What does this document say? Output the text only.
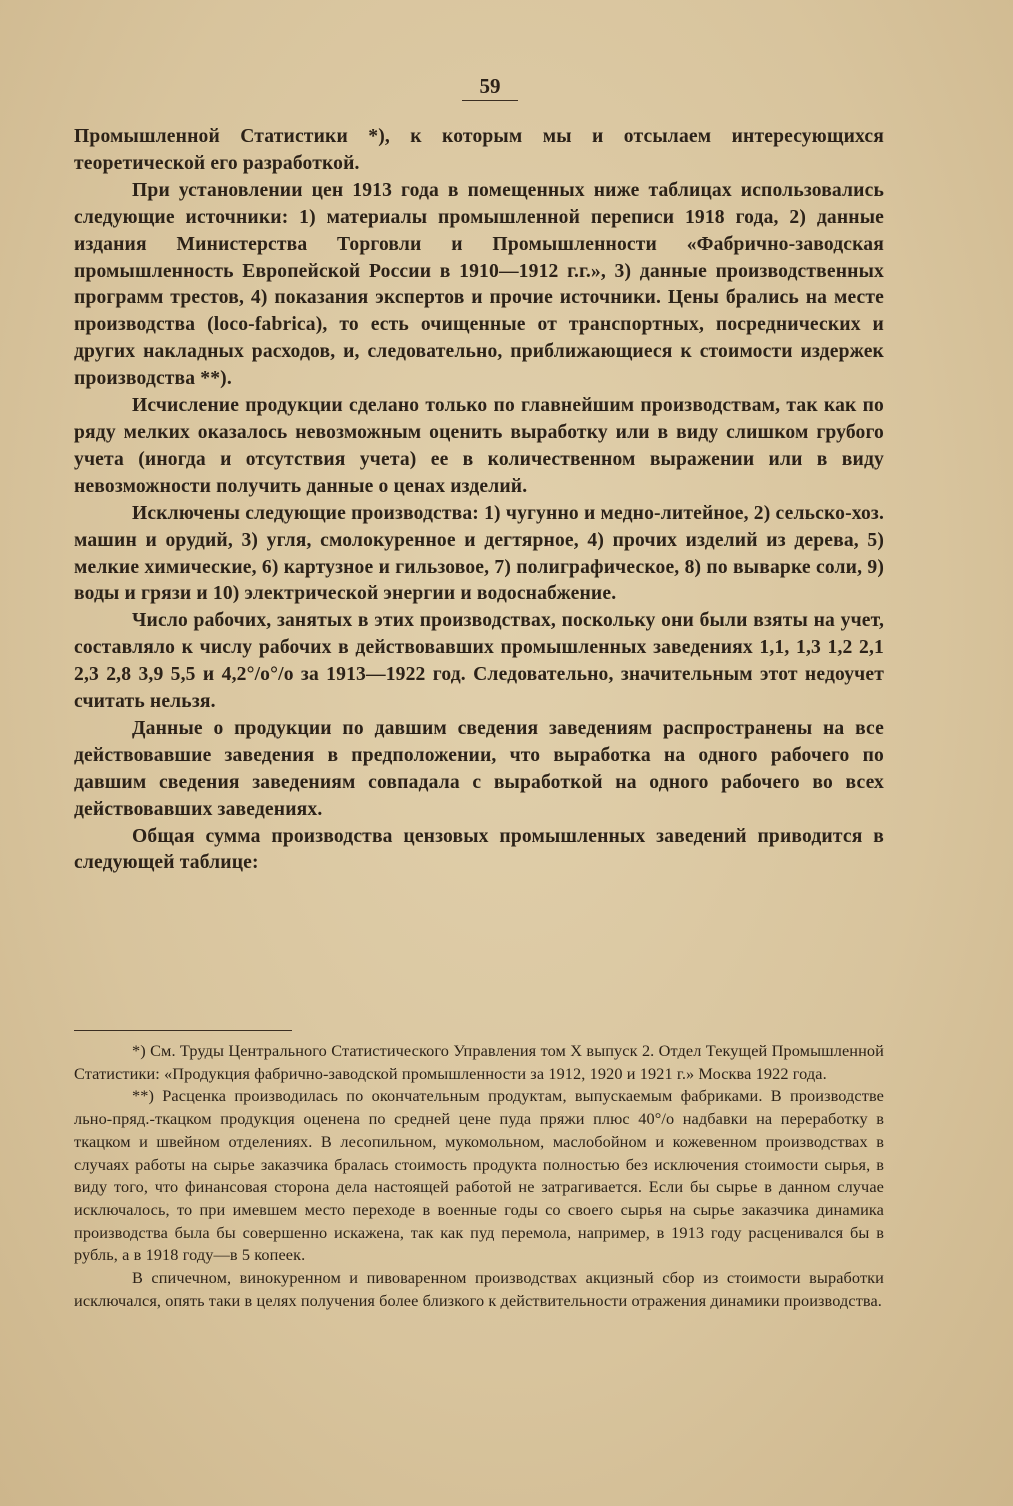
59

Промышленной Статистики *), к которым мы и отсылаем интересующихся теоретической его разработкой.

При установлении цен 1913 года в помещенных ниже таблицах использовались следующие источники: 1) материалы промышленной переписи 1918 года, 2) данные издания Министерства Торговли и Промышленности «Фабрично-заводская промышленность Европейской России в 1910—1912 г.г.», 3) данные производственных программ трестов, 4) показания экспертов и прочие источники. Цены брались на месте производства (loco-fabrica), то есть очищенные от транспортных, посреднических и других накладных расходов, и, следовательно, приближающиеся к стоимости издержек производства **).

Исчисление продукции сделано только по главнейшим производствам, так как по ряду мелких оказалось невозможным оценить выработку или в виду слишком грубого учета (иногда и отсутствия учета) ее в количественном выражении или в виду невозможности получить данные о ценах изделий.

Исключены следующие производства: 1) чугунно и медно-литейное, 2) сельско-хоз. машин и орудий, 3) угля, смолокуренное и дегтярное, 4) прочих изделий из дерева, 5) мелкие химические, 6) картузное и гильзовое, 7) полиграфическое, 8) по выварке соли, 9) воды и грязи и 10) электрической энергии и водоснабжение.

Число рабочих, занятых в этих производствах, поскольку они были взяты на учет, составляло к числу рабочих в действовавших промышленных заведениях 1,1, 1,3 1,2 2,1 2,3 2,8 3,9 5,5 и 4,2°/о°/о за 1913—1922 год. Следовательно, значительным этот недоучет считать нельзя.

Данные о продукции по давшим сведения заведениям распространены на все действовавшие заведения в предположении, что выработка на одного рабочего по давшим сведения заведениям совпадала с выработкой на одного рабочего во всех действовавших заведениях.

Общая сумма производства цензовых промышленных заведений приводится в следующей таблице:

*) См. Труды Центрального Статистического Управления том X выпуск 2. Отдел Текущей Промышленной Статистики: «Продукция фабрично-заводской промышленности за 1912, 1920 и 1921 г.» Москва 1922 года.

**) Расценка производилась по окончательным продуктам, выпускаемым фабриками. В производстве льно-пряд.-ткацком продукция оценена по средней цене пуда пряжи плюс 40°/о надбавки на переработку в ткацком и швейном отделениях. В лесопильном, мукомольном, маслобойном и кожевенном производствах в случаях работы на сырье заказчика бралась стоимость продукта полностью без исключения стоимости сырья, в виду того, что финансовая сторона дела настоящей работой не затрагивается. Если бы сырье в данном случае исключалось, то при имевшем место переходе в военные годы со своего сырья на сырье заказчика динамика производства была бы совершенно искажена, так как пуд перемола, например, в 1913 году расценивался бы в рубль, а в 1918 году—в 5 копеек.

В спичечном, винокуренном и пивоваренном производствах акцизный сбор из стоимости выработки исключался, опять таки в целях получения более близкого к действительности отражения динамики производства.
